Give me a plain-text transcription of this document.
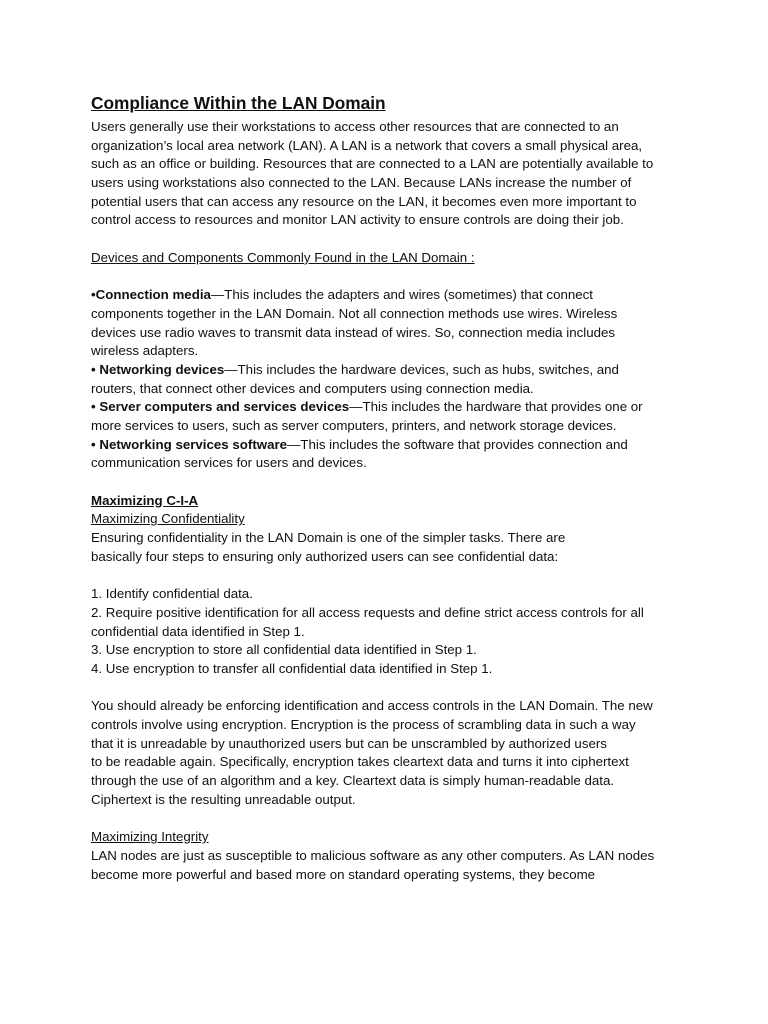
Compliance Within the LAN Domain
Users generally use their workstations to access other resources that are connected to an
organization’s local area network (LAN). A LAN is a network that covers a small physical area,
such as an office or building. Resources that are connected to a LAN are potentially available to
users using workstations also connected to the LAN. Because LANs increase the number of
potential users that can access any resource on the LAN, it becomes even more important to
control access to resources and monitor LAN activity to ensure controls are doing their job.
Devices and Components Commonly Found in the LAN Domain :
•Connection media—This includes the adapters and wires (sometimes) that connect
components together in the LAN Domain. Not all connection methods use wires. Wireless
devices use radio waves to transmit data instead of wires. So, connection media includes
wireless adapters.
• Networking devices—This includes the hardware devices, such as hubs, switches, and
routers, that connect other devices and computers using connection media.
• Server computers and services devices—This includes the hardware that provides one or
more services to users, such as server computers, printers, and network storage devices.
• Networking services software—This includes the software that provides connection and
communication services for users and devices.
Maximizing C-I-A
Maximizing Confidentiality
Ensuring confidentiality in the LAN Domain is one of the simpler tasks. There are
basically four steps to ensuring only authorized users can see confidential data:
1. Identify confidential data.
2. Require positive identification for all access requests and define strict access controls for all
confidential data identified in Step 1.
3. Use encryption to store all confidential data identified in Step 1.
4. Use encryption to transfer all confidential data identified in Step 1.
You should already be enforcing identification and access controls in the LAN Domain. The new
controls involve using encryption. Encryption is the process of scrambling data in such a way
that it is unreadable by unauthorized users but can be unscrambled by authorized users
to be readable again. Specifically, encryption takes cleartext data and turns it into ciphertext
through the use of an algorithm and a key. Cleartext data is simply human-readable data.
Ciphertext is the resulting unreadable output.
Maximizing Integrity
LAN nodes are just as susceptible to malicious software as any other computers. As LAN nodes
become more powerful and based more on standard operating systems, they become
